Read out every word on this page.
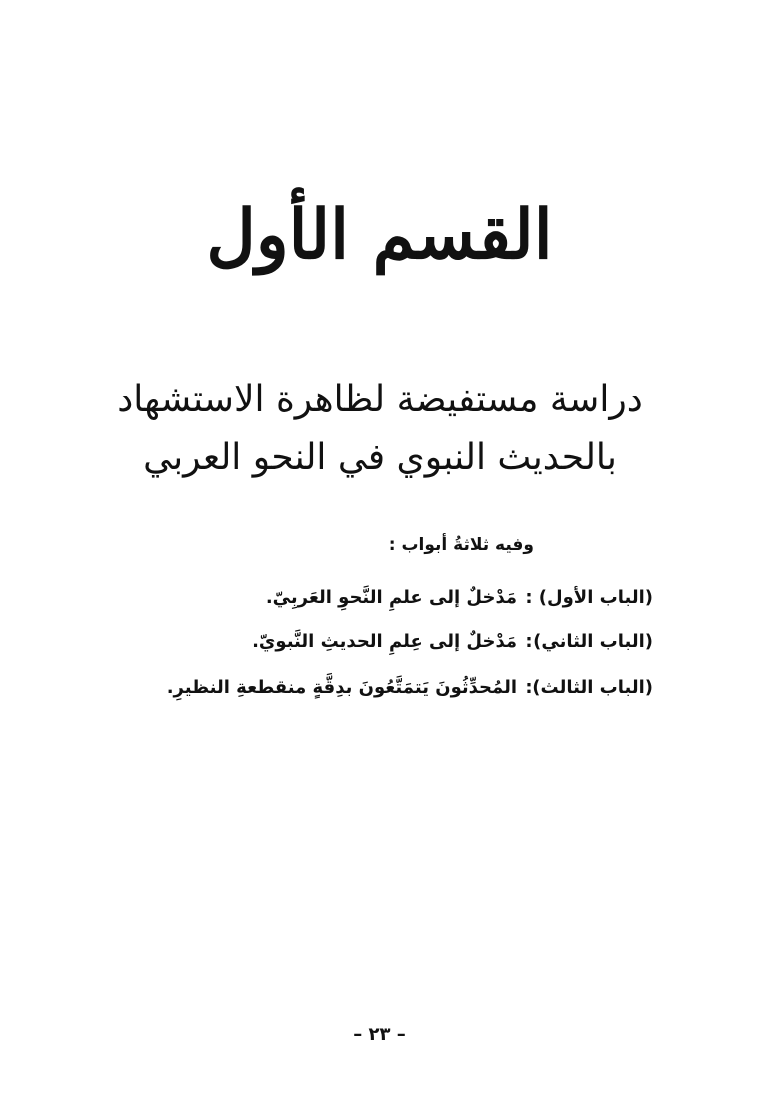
القسم الأول
دراسة مستفيضة لظاهرة الاستشهاد
بالحديث النبوي في النحو العربي
وفيه ثلاثةُ أبواب :
(الباب الأول):مَدْخلٌ إلى علمِ النَّحوِ العَربِيّ.
(الباب الثاني):مَدْخلٌ إلى عِلمِ الحديثِ النَّبويّ.
(الباب الثالث):المُحدِّثُونَ يَتمَتَّعُونَ بدِقَّةٍ منقطعةِ النظيرِ.
– ٢٣ –
